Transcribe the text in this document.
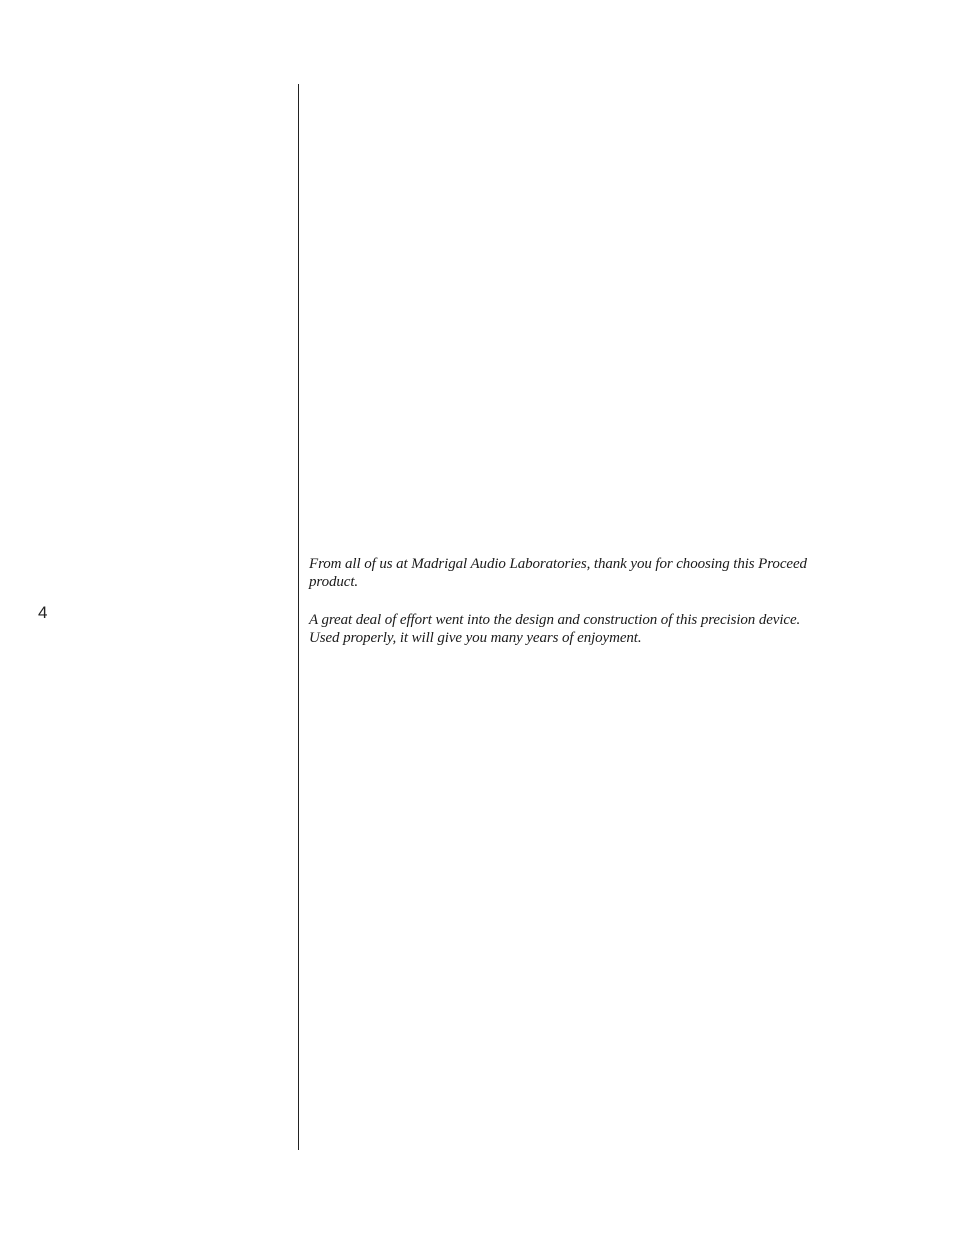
4

From all of us at Madrigal Audio Laboratories, thank you for choosing this Proceed product.

A great deal of effort went into the design and construction of this precision device. Used properly, it will give you many years of enjoyment.
